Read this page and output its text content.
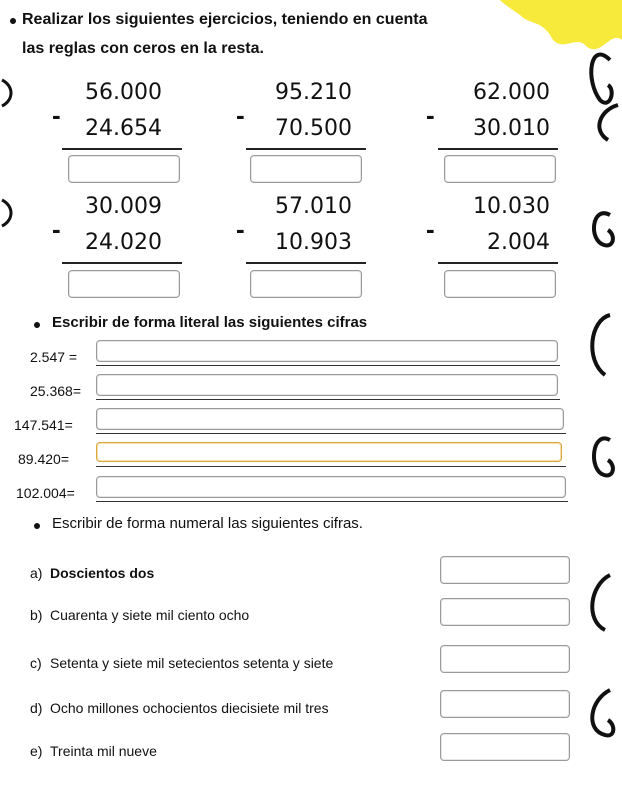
Realizar los siguientes ejercicios, teniendo en cuenta
las reglas con ceros en la resta.
56.000
-	24.654
95.210
-	70.500
62.000
-	30.010
30.009
-	24.020
57.010
-	10.903
10.030
-	2.004
Escribir de forma literal las siguientes cifras
2.547 =
25.368=
147.541=
89.420=
102.004=
Escribir de forma numeral las siguientes cifras.
a) Doscientos dos
b) Cuarenta y siete mil ciento ocho
c) Setenta y siete mil setecientos setenta y siete
d) Ocho millones ochocientos diecisiete mil tres
e) Treinta mil nueve
